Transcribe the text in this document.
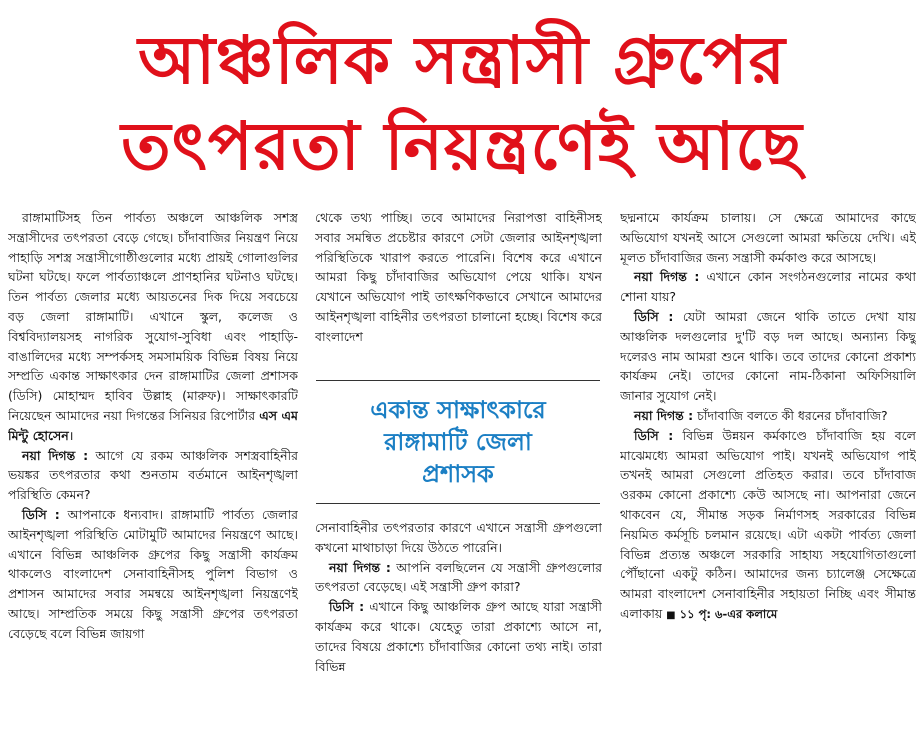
আঞ্চলিক সন্ত্রাসী গ্রুপের
তৎপরতা নিয়ন্ত্রণেই আছে

রাঙ্গামাটিসহ তিন পার্বত্য অঞ্চলে আঞ্চলিক সশস্ত্র সন্ত্রাসীদের তৎপরতা বেড়ে গেছে। চাঁদাবাজির নিয়ন্ত্রণ নিয়ে পাহাড়ি সশস্ত্র সন্ত্রাসীগোষ্ঠীগুলোর মধ্যে প্রায়ই গোলাগুলির ঘটনা ঘটছে। ফলে পার্বত্যাঞ্চলে প্রাণহানির ঘটনাও ঘটছে। তিন পার্বত্য জেলার মধ্যে আয়তনের দিক দিয়ে সবচেয়ে বড় জেলা রাঙ্গামাটি। এখানে স্কুল, কলেজ ও বিশ্ববিদ্যালয়সহ নাগরিক সুযোগ-সুবিধা এবং পাহাড়ি-বাঙালিদের মধ্যে সম্পর্কসহ সমসাময়িক বিভিন্ন বিষয় নিয়ে সম্প্রতি একান্ত সাক্ষাৎকার দেন রাঙ্গামাটির জেলা প্রশাসক (ডিসি) মোহাম্মদ হাবিব উল্লাহ (মারুফ)। সাক্ষাৎকারটি নিয়েছেন আমাদের নয়া দিগন্তের সিনিয়র রিপোর্টার এস এম মিন্টু হোসেন।

নয়া দিগন্ত : আগে যে রকম আঞ্চলিক সশস্ত্রবাহিনীর ভয়ঙ্কর তৎপরতার কথা শুনতাম বর্তমানে আইনশৃঙ্খলা পরিস্থিতি কেমন?

ডিসি : আপনাকে ধন্যবাদ। রাঙ্গামাটি পার্বত্য জেলার আইনশৃঙ্খলা পরিস্থিতি মোটামুটি আমাদের নিয়ন্ত্রণে আছে। এখানে বিভিন্ন আঞ্চলিক গ্রুপের কিছু সন্ত্রাসী কার্যক্রম থাকলেও বাংলাদেশ সেনাবাহিনীসহ পুলিশ বিভাগ ও প্রশাসন আমাদের সবার সমন্বয়ে আইনশৃঙ্খলা নিয়ন্ত্রণেই আছে। সাম্প্রতিক সময়ে কিছু সন্ত্রাসী গ্রুপের তৎপরতা বেড়েছে বলে বিভিন্ন জায়গা

থেকে তথ্য পাচ্ছি। তবে আমাদের নিরাপত্তা বাহিনীসহ সবার সমন্বিত প্রচেষ্টার কারণে সেটা জেলার আইনশৃঙ্খলা পরিস্থিতিকে খারাপ করতে পারেনি। বিশেষ করে এখানে আমরা কিছু চাঁদাবাজির অভিযোগ পেয়ে থাকি। যখন যেখানে অভিযোগ পাই তাৎক্ষণিকভাবে সেখানে আমাদের আইনশৃঙ্খলা বাহিনীর তৎপরতা চালানো হচ্ছে। বিশেষ করে বাংলাদেশ

একান্ত সাক্ষাৎকারে
রাঙ্গামাটি জেলা
প্রশাসক

সেনাবাহিনীর তৎপরতার কারণে এখানে সন্ত্রাসী গ্রুপগুলো কখনো মাথাচাড়া দিয়ে উঠতে পারেনি।

নয়া দিগন্ত : আপনি বলছিলেন যে সন্ত্রাসী গ্রুপগুলোর তৎপরতা বেড়েছে। এই সন্ত্রাসী গ্রুপ কারা?

ডিসি : এখানে কিছু আঞ্চলিক গ্রুপ আছে যারা সন্ত্রাসী কার্যক্রম করে থাকে। যেহেতু তারা প্রকাশ্যে আসে না, তাদের বিষয়ে প্রকাশ্যে চাঁদাবাজির কোনো তথ্য নাই। তারা বিভিন্ন

ছদ্মনামে কার্যক্রম চালায়। সে ক্ষেত্রে আমাদের কাছে অভিযোগ যখনই আসে সেগুলো আমরা ক্ষতিয়ে দেখি। এই মূলত চাঁদাবাজির জন্য সন্ত্রাসী কর্মকাণ্ড করে আসছে।

নয়া দিগন্ত : এখানে কোন সংগঠনগুলোর নামের কথা শোনা যায়?

ডিসি : যেটা আমরা জেনে থাকি তাতে দেখা যায় আঞ্চলিক দলগুলোর দু'টি বড় দল আছে। অন্যান্য কিছু দলেরও নাম আমরা শুনে থাকি। তবে তাদের কোনো প্রকাশ্য কার্যক্রম নেই। তাদের কোনো নাম-ঠিকানা অফিসিয়ালি জানার সুযোগ নেই।

নয়া দিগন্ত : চাঁদাবাজি বলতে কী ধরনের চাঁদাবাজি?

ডিসি : বিভিন্ন উন্নয়ন কর্মকাণ্ডে চাঁদাবাজি হয় বলে মাঝেমধ্যে আমরা অভিযোগ পাই। যখনই অভিযোগ পাই তখনই আমরা সেগুলো প্রতিহত করার। তবে চাঁদাবাজ ওরকম কোনো প্রকাশ্যে কেউ আসছে না। আপনারা জেনে থাকবেন যে, সীমান্ত সড়ক নির্মাণসহ সরকারের বিভিন্ন নিয়মিত কর্মসূচি চলমান রয়েছে। এটা একটা পার্বত্য জেলা বিভিন্ন প্রত্যন্ত অঞ্চলে সরকারি সাহায্য সহযোগিতাগুলো পৌঁছানো একটু কঠিন। আমাদের জন্য চ্যালেঞ্জ সেক্ষেত্রে আমরা বাংলাদেশ সেনাবাহিনীর সহায়তা নিচ্ছি এবং সীমান্ত এলাকায় ■ ১১ পৃ: ৬-এর কলামে
